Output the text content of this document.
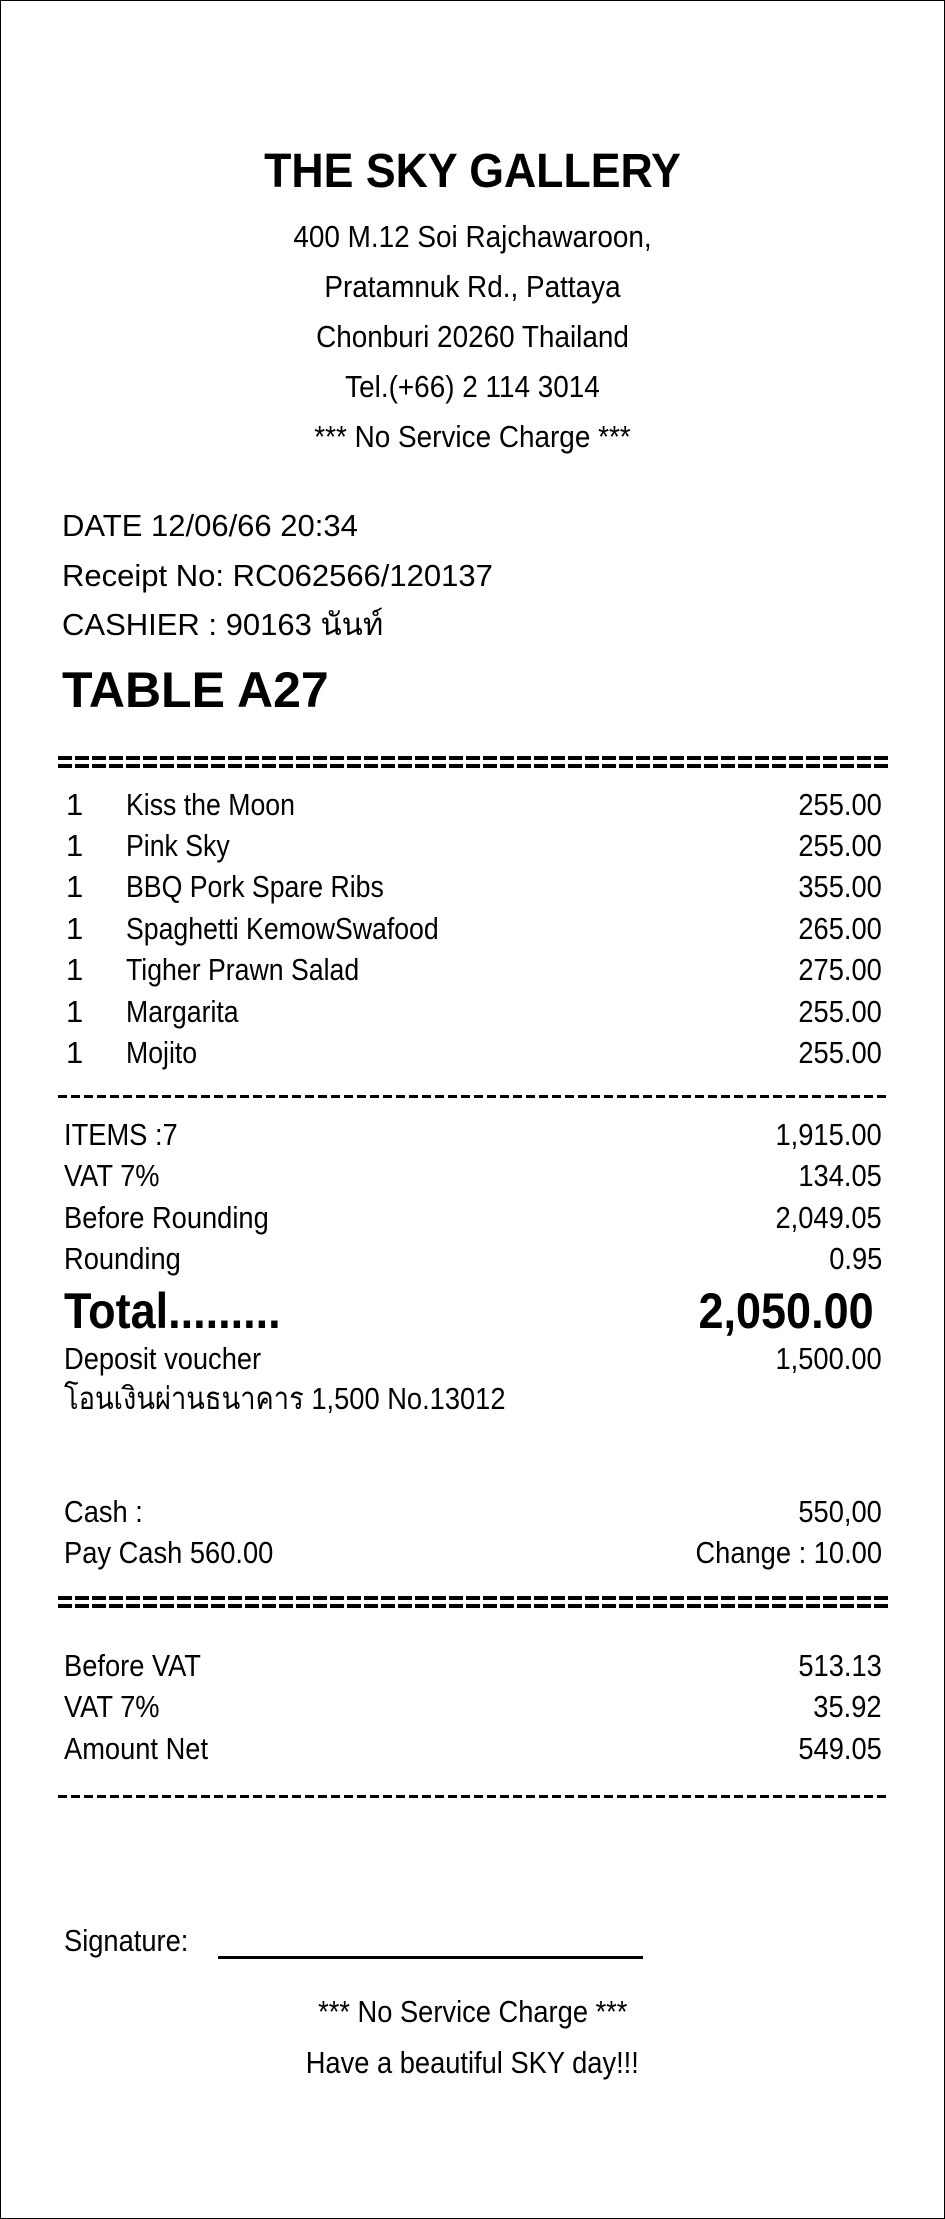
THE SKY GALLERY
400 M.12 Soi Rajchawaroon,
Pratamnuk Rd., Pattaya
Chonburi 20260 Thailand
Tel.(+66) 2 114 3014
*** No Service Charge ***
DATE 12/06/66 20:34
Receipt No: RC062566/120137
CASHIER : 90163 นันท์
TABLE A27
1 Kiss the Moon	255.00
1 Pink Sky	255.00
1 BBQ Pork Spare Ribs	355.00
1 Spaghetti KemowSwafood	265.00
1 Tigher Prawn Salad	275.00
1 Margarita	255.00
1 Mojito	255.00
ITEMS :7	1,915.00
VAT 7%	134.05
Before Rounding	2,049.05
Rounding	0.95
Total.........	2,050.00
Deposit voucher	1,500.00
โอนเงินผ่านธนาคาร 1,500 No.13012
Cash :	550,00
Pay Cash 560.00	Change : 10.00
Before VAT	513.13
VAT 7%	35.92
Amount Net	549.05
Signature:
*** No Service Charge ***
Have a beautiful SKY day!!!
